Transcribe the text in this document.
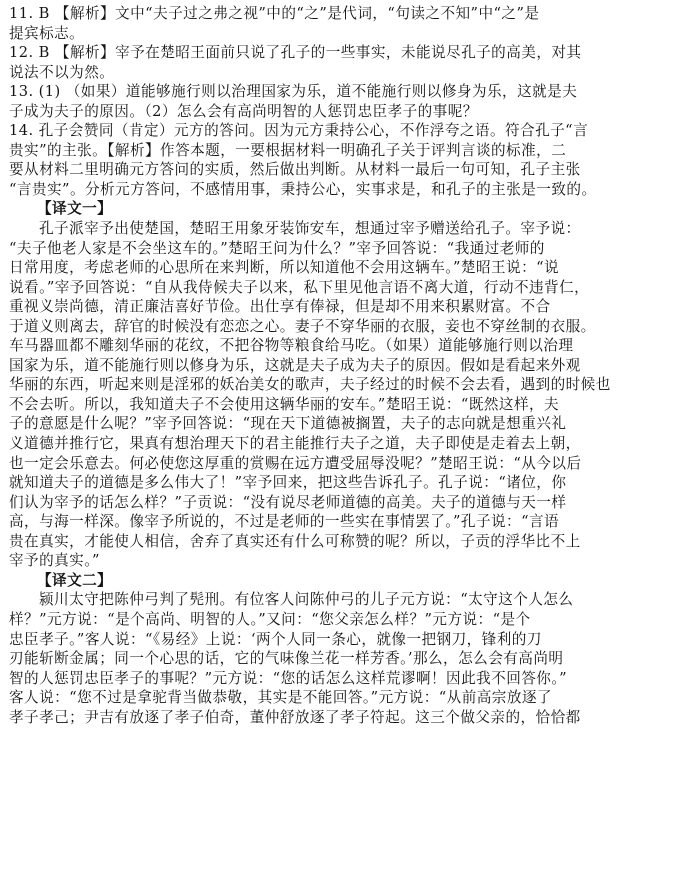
11. B 【解析】文中“夫子过之弗之视”中的“之”是代词，“句读之不知”中“之”是
提宾标志。
12. B 【解析】宰予在楚昭王面前只说了孔子的一些事实，未能说尽孔子的高美，对其
说法不以为然。
13. (1) （如果）道能够施行则以治理国家为乐，道不能施行则以修身为乐，这就是夫
子成为夫子的原因。（2）怎么会有高尚明智的人惩罚忠臣孝子的事呢？
14. 孔子会赞同（肯定）元方的答问。因为元方秉持公心，不作浮夸之语。符合孔子“言
贵实”的主张。【解析】作答本题，一要根据材料一明确孔子关于评判言谈的标准，二
要从材料二里明确元方答问的实质，然后做出判断。从材料一最后一句可知，孔子主张
“言贵实”。分析元方答问，不感情用事，秉持公心，实事求是，和孔子的主张是一致的。
【译文一】
孔子派宰予出使楚国，楚昭王用象牙装饰安车，想通过宰予赠送给孔子。宰予说：
“夫子他老人家是不会坐这车的。”楚昭王问为什么？”宰予回答说：“我通过老师的
日常用度，考虑老师的心思所在来判断，所以知道他不会用这辆车。”楚昭王说：“说
说看。”宰予回答说：“自从我侍候夫子以来，私下里见他言语不离大道，行动不违背仁，
重视义崇尚德，清正廉洁喜好节俭。出仕享有俸禄，但是却不用来积累财富。不合
于道义则离去，辞官的时候没有恋恋之心。妻子不穿华丽的衣服，妾也不穿丝制的衣服。
车马器皿都不雕刻华丽的花纹，不把谷物等粮食给马吃。（如果）道能够施行则以治理
国家为乐，道不能施行则以修身为乐，这就是夫子成为夫子的原因。假如是看起来外观
华丽的东西，听起来则是淫邪的妖冶美女的歌声，夫子经过的时候不会去看，遇到的时候也
不会去听。所以，我知道夫子不会使用这辆华丽的安车。”楚昭王说：“既然这样，夫
子的意愿是什么呢？”宰予回答说：“现在天下道德被搁置，夫子的志向就是想重兴礼
义道德并推行它，果真有想治理天下的君主能推行夫子之道，夫子即使是走着去上朝，
也一定会乐意去。何必使您这厚重的赏赐在远方遭受屈辱没呢？”楚昭王说：“从今以后
就知道夫子的道德是多么伟大了！”宰予回来，把这些告诉孔子。孔子说：“诸位，你
们认为宰予的话怎么样？”子贡说：“没有说尽老师道德的高美。夫子的道德与天一样
高，与海一样深。像宰予所说的，不过是老师的一些实在事情罢了。”孔子说：“言语
贵在真实，才能使人相信，舍弃了真实还有什么可称赞的呢？所以，子贡的浮华比不上
宰予的真实。”
【译文二】
颍川太守把陈仲弓判了髡刑。有位客人问陈仲弓的儿子元方说：“太守这个人怎么
样？”元方说：“是个高尚、明智的人。”又问：“您父亲怎么样？”元方说：“是个
忠臣孝子。”客人说：“《易经》上说：‘两个人同一条心，就像一把钢刀，锋利的刀
刃能斩断金属；同一个心思的话，它的气味像兰花一样芳香。’那么，怎么会有高尚明
智的人惩罚忠臣孝子的事呢？”元方说：“您的话怎么这样荒谬啊！因此我不回答你。”
客人说：“您不过是拿驼背当做恭敬，其实是不能回答。”元方说：“从前高宗放逐了
孝子孝己；尹吉有放逐了孝子伯奇，董仲舒放逐了孝子符起。这三个做父亲的，恰恰都
